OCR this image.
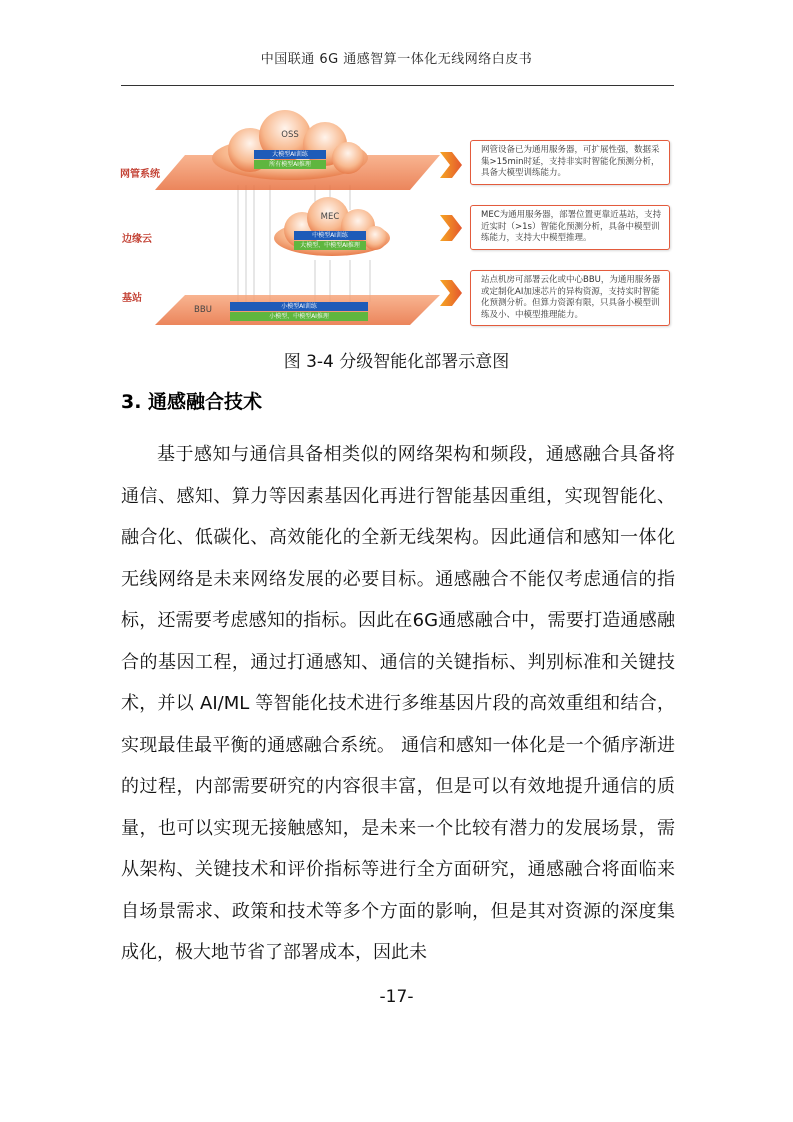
中国联通 6G 通感智算一体化无线网络白皮书
网管系统
边缘云
基站
OSS
大模型AI训练
所有模型AI推理
MEC
中模型AI训练
大模型、中模型AI推理
BBU	小模型AI训练
小模型、中模型AI推理
网管设备已为通用服务器，可扩展性强，数据采集>15min时延，支持非实时智能化预测分析，具备大模型训练能力。
MEC为通用服务器，部署位置更靠近基站，支持近实时（>1s）智能化预测分析，具备中模型训练能力，支持大中模型推理。
站点机房可部署云化或中心BBU，为通用服务器或定制化AI加速芯片的异构资源，支持实时智能化预测分析。但算力资源有限，只具备小模型训练及小、中模型推理能力。
图 3-4 分级智能化部署示意图
3. 通感融合技术

基于感知与通信具备相类似的网络架构和频段，通感融合具备将通信、感知、算力等因素基因化再进行智能基因重组，实现智能化、融合化、低碳化、高效能化的全新无线架构。因此通信和感知一体化无线网络是未来网络发展的必要目标。通感融合不能仅考虑通信的指标，还需要考虑感知的指标。因此在6G通感融合中，需要打造通感融合的基因工程，通过打通感知、通信的关键指标、判别标准和关键技术，并以 AI/ML 等智能化技术进行多维基因片段的高效重组和结合，实现最佳最平衡的通感融合系统。 通信和感知一体化是一个循序渐进的过程，内部需要研究的内容很丰富，但是可以有效地提升通信的质量，也可以实现无接触感知，是未来一个比较有潜力的发展场景，需从架构、关键技术和评价指标等进行全方面研究，通感融合将面临来自场景需求、政策和技术等多个方面的影响，但是其对资源的深度集成化，极大地节省了部署成本，因此未

-17-
